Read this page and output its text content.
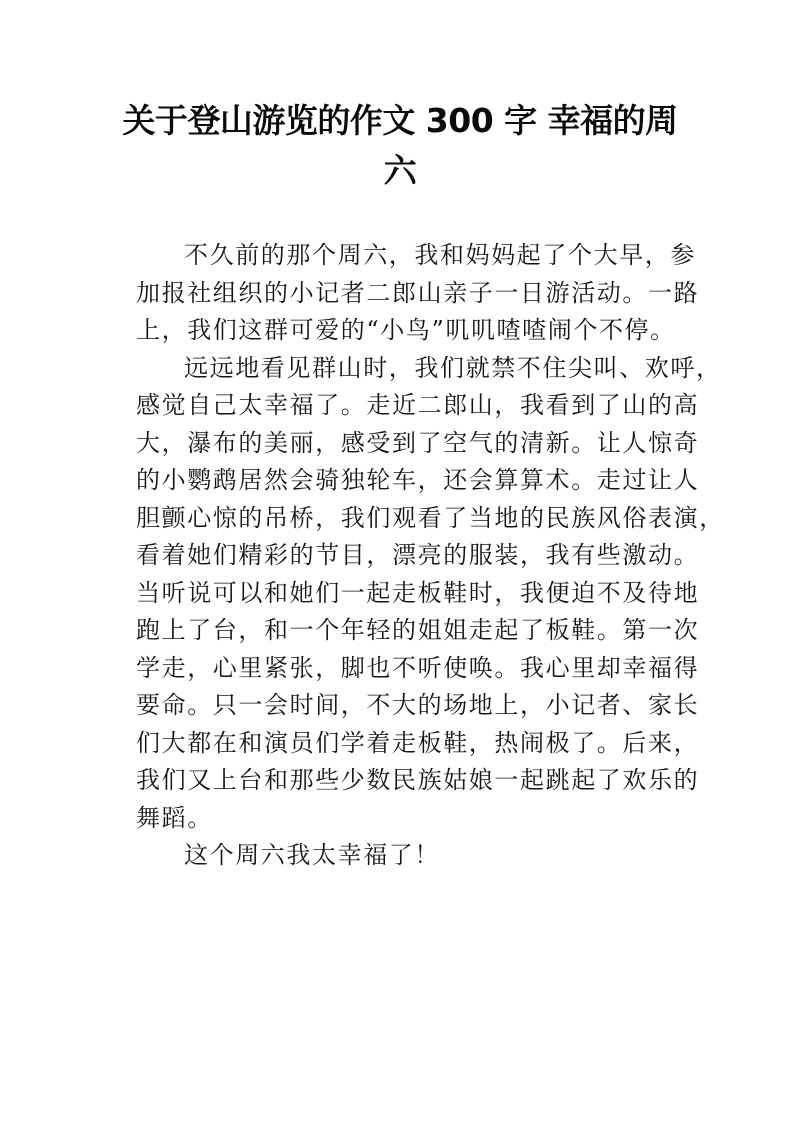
关于登山游览的作文 300 字 幸福的周
六
不久前的那个周六，我和妈妈起了个大早，参
加报社组织的小记者二郎山亲子一日游活动。一路
上，我们这群可爱的“小鸟”叽叽喳喳闹个不停。
远远地看见群山时，我们就禁不住尖叫、欢呼，
感觉自己太幸福了。走近二郎山，我看到了山的高
大，瀑布的美丽，感受到了空气的清新。让人惊奇
的小鹦鹉居然会骑独轮车，还会算算术。走过让人
胆颤心惊的吊桥，我们观看了当地的民族风俗表演，
看着她们精彩的节目，漂亮的服装，我有些激动。
当听说可以和她们一起走板鞋时，我便迫不及待地
跑上了台，和一个年轻的姐姐走起了板鞋。第一次
学走，心里紧张，脚也不听使唤。我心里却幸福得
要命。只一会时间，不大的场地上，小记者、家长
们大都在和演员们学着走板鞋，热闹极了。后来，
我们又上台和那些少数民族姑娘一起跳起了欢乐的
舞蹈。
这个周六我太幸福了！
